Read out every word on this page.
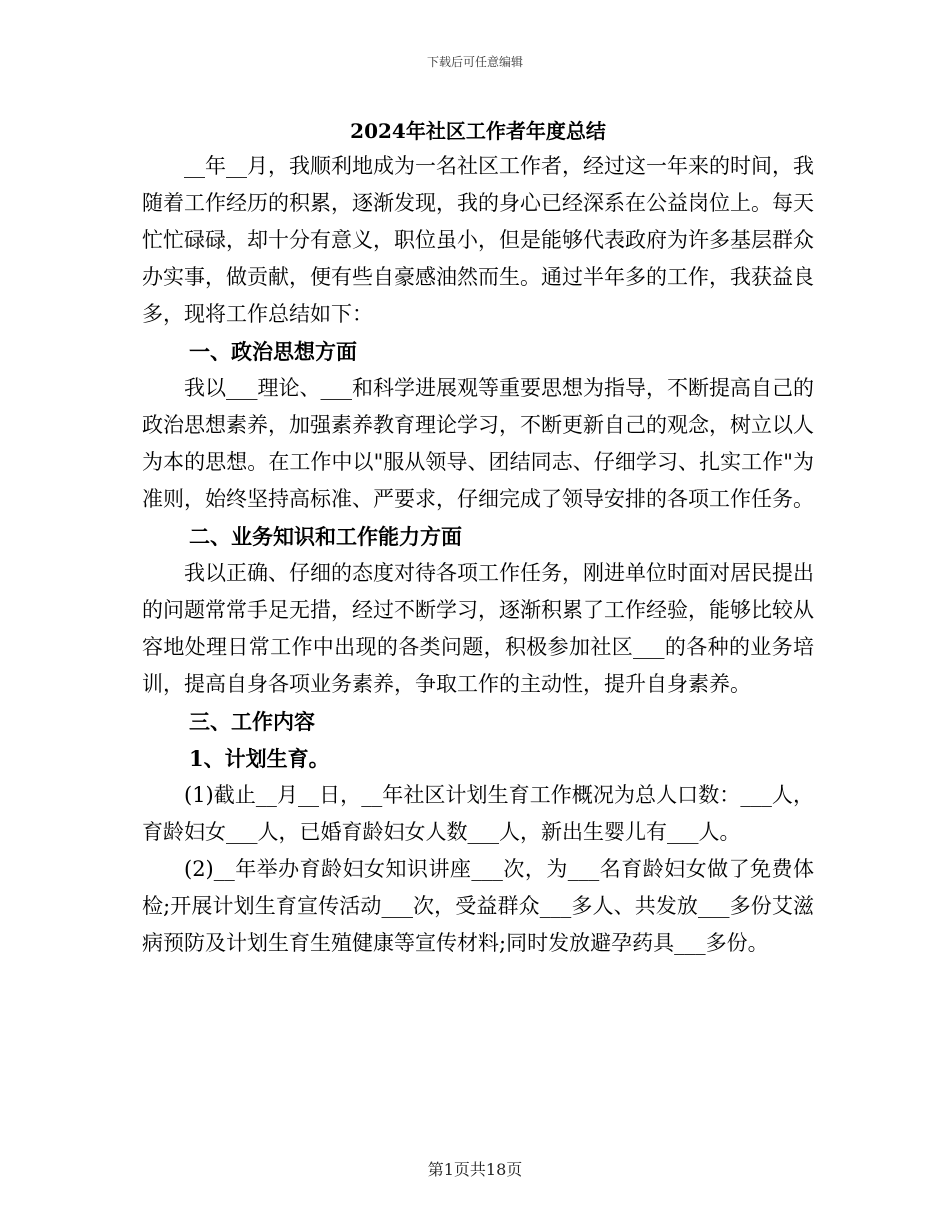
下载后可任意编辑
2024年社区工作者年度总结

__年__月，我顺利地成为一名社区工作者，经过这一年来的时间，我随着工作经历的积累，逐渐发现，我的身心已经深系在公益岗位上。每天忙忙碌碌，却十分有意义，职位虽小，但是能够代表政府为许多基层群众办实事，做贡献，便有些自豪感油然而生。通过半年多的工作，我获益良多，现将工作总结如下：

一、政治思想方面

我以___理论、___和科学进展观等重要思想为指导，不断提高自己的政治思想素养，加强素养教育理论学习，不断更新自己的观念，树立以人为本的思想。在工作中以"服从领导、团结同志、仔细学习、扎实工作"为准则，始终坚持高标准、严要求，仔细完成了领导安排的各项工作任务。

二、业务知识和工作能力方面

我以正确、仔细的态度对待各项工作任务，刚进单位时面对居民提出的问题常常手足无措，经过不断学习，逐渐积累了工作经验，能够比较从容地处理日常工作中出现的各类问题，积极参加社区___的各种的业务培训，提高自身各项业务素养，争取工作的主动性，提升自身素养。

三、工作内容
1、计划生育。

(1)截止__月__日，__年社区计划生育工作概况为总人口数：___人，育龄妇女___人，已婚育龄妇女人数___人，新出生婴儿有___人。

(2)__年举办育龄妇女知识讲座___次，为___名育龄妇女做了免费体检;开展计划生育宣传活动___次，受益群众___多人、共发放___多份艾滋病预防及计划生育生殖健康等宣传材料;同时发放避孕药具___多份。

第1页共18页
